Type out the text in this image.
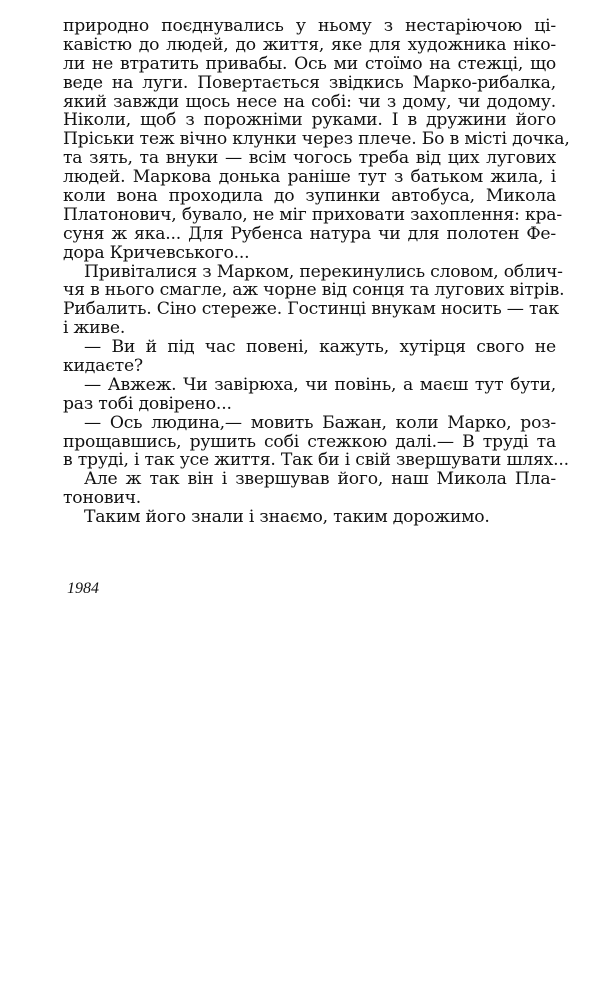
природно поєднувались у ньому з нестаріючою ці-
кавістю до людей, до життя, яке для художника ніко-
ли не втратить привабы. Ось ми стоїмо на стежці, що
веде на луги. Повертається звідкись Марко-рибалка,
який завжди щось несе на собі: чи з дому, чи додому.
Ніколи, щоб з порожніми руками. І в дружини його
Пріськи теж вічно клунки через плече. Бо в місті дочка,
та зять, та внуки — всім чогось треба від цих лугових
людей. Маркова донька раніше тут з батьком жила, і
коли вона проходила до зупинки автобуса, Микола
Платонович, бувало, не міг приховати захоплення: кра-
суня ж яка... Для Рубенса натура чи для полотен Фе-
дора Кричевського...
Привіталися з Марком, перекинулись словом, облич-
чя в нього смагле, аж чорне від сонця та лугових вітрів.
Рибалить. Сіно стереже. Гостинці внукам носить — так
і живе.
— Ви й під час повені, кажуть, хутірця свого не
кидаєте?
— Авжеж. Чи завірюха, чи повінь, а маєш тут бути,
раз тобі довірено...
— Ось людина,— мовить Бажан, коли Марко, роз-
прощавшись, рушить собі стежкою далі.— В труді та
в труді, і так усе життя. Так би і свій звершувати шлях...
Але ж так він і звершував його, наш Микола Пла-
тонович.
Таким його знали і знаємо, таким дорожимо.
1984
